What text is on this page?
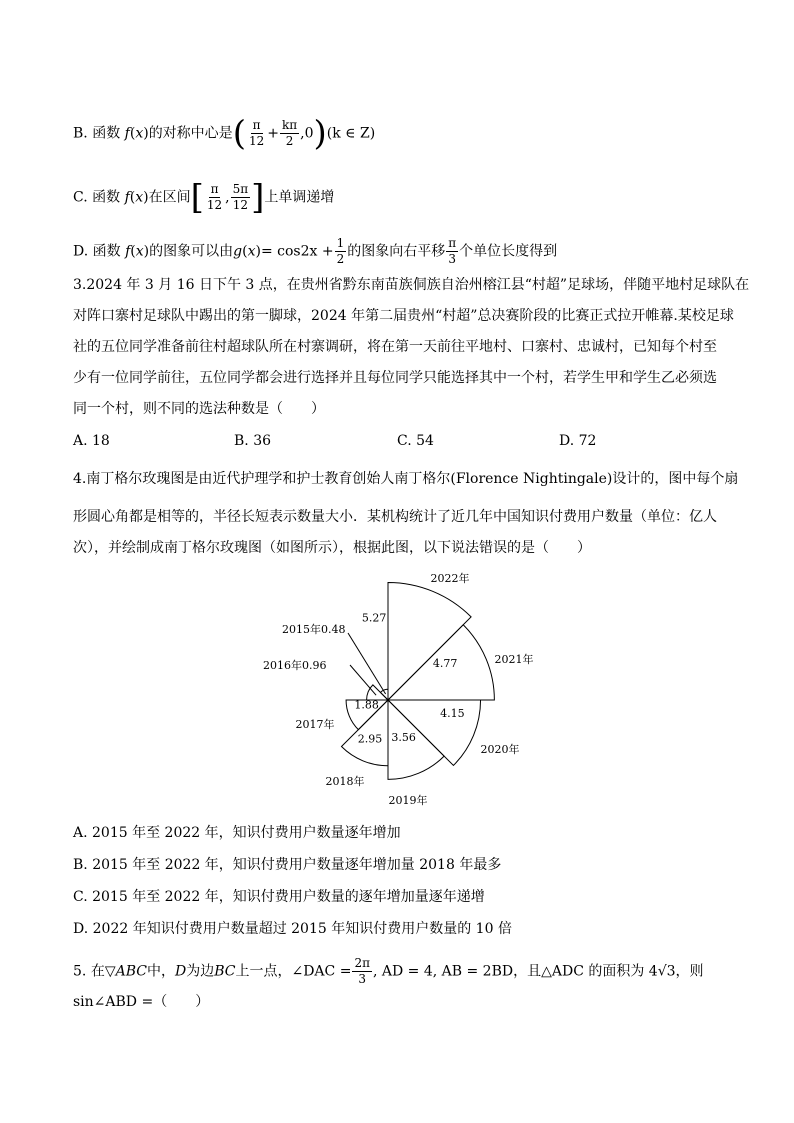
B. 函数 f(x)的对称中心是( $\frac{\pi}{12} + \frac{k\pi}{2} ,0)(k$ ∈ Z)
C. 函数 f(x)在区间[ $\frac{\pi}{12}$ , $\frac{5\pi}{12}$ ]上单调递增
D. 函数 f(x)的图象可以由$g(x)= \cos 2x + \frac{1}{2}$ 的图象向右平移 $\frac{\pi}{3}$ 个单位长度得到
3.2024 年 3 月 16 日下午 3 点，在贵州省黔东南苗族侗族自治州榕江县“村超”足球场，伴随平地村足球队在
对阵口寨村足球队中踢出的第一脚球，2024 年第二届贵州“村超”总决赛阶段的比赛正式拉开帷幕.某校足球
社的五位同学准备前往村超球队所在村寨调研，将在第一天前往平地村、口寨村、忠诚村，已知每个村至
少有一位同学前往，五位同学都会进行选择并且每位同学只能选择其中一个村，若学生甲和学生乙必须选
同一个村，则不同的选法种数是（　　）
A. 18	B. 36	C. 54	D. 72
4.南丁格尔玫瑰图是由近代护理学和护士教育创始人南丁格尔(Florence Nightingale)设计的，图中每个扇
形圆心角都是相等的，半径长短表示数量大小．某机构统计了近几年中国知识付费用户数量（单位：亿人
次），并绘制成南丁格尔玫瑰图（如图所示），根据此图，以下说法错误的是（　　）
1.88
2.95 3.56
4.15
4.77
5.27
2017年
2018年
2019年
2020年
2021年
2022年
2015年0.48
2016年0.96
A. 2015 年至 2022 年，知识付费用户数量逐年增加
B. 2015 年至 2022 年，知识付费用户数量逐年增加量 2018 年最多
C. 2015 年至 2022 年，知识付费用户数量的逐年增加量逐年递增
D. 2022 年知识付费用户数量超过 2015 年知识付费用户数量的 10 倍
5. 在▽ABC中，D为边BC上一点，∠DAC = $\frac{2\pi}{3}$ , AD = 4, AB = 2BD，且△ADC 的面积为 4√3，则
sin∠ABD =（　　）
